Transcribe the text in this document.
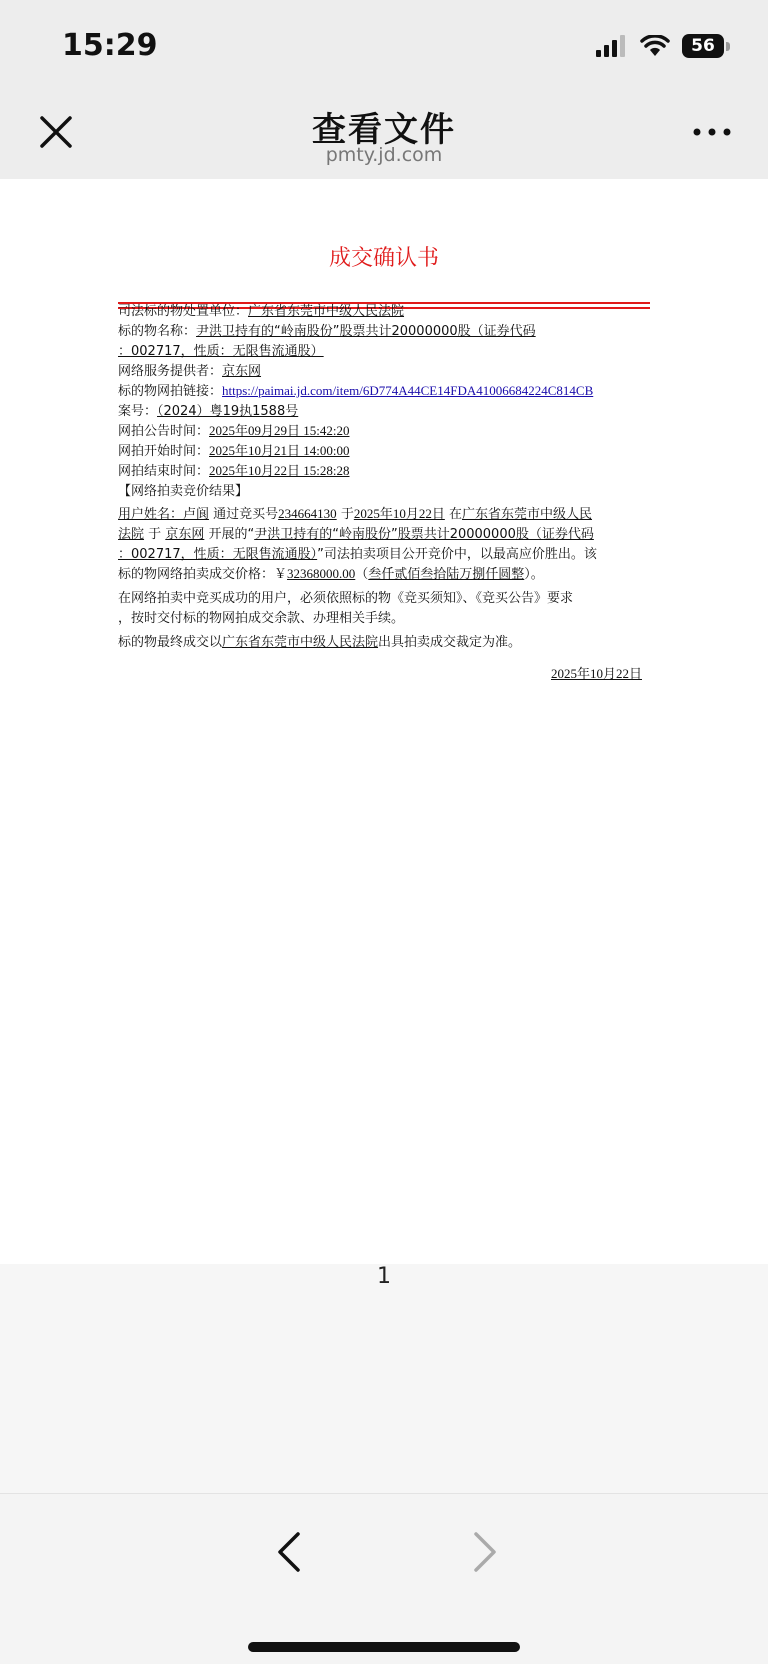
15:29	56
查看文件
pmty.jd.com
成交确认书
司法标的物处置单位：广东省东莞市中级人民法院
标的物名称：尹洪卫持有的“岭南股份”股票共计20000000股（证券代码
：002717，性质：无限售流通股）
网络服务提供者：京东网
标的物网拍链接：https://paimai.jd.com/item/6D774A44CE14FDA41006684224C814CB
案号：（2024）粤19执1588号
网拍公告时间：2025年09月29日 15:42:20
网拍开始时间：2025年10月21日 14:00:00
网拍结束时间：2025年10月22日 15:28:28
【网络拍卖竞价结果】
用户姓名：卢阆 通过竞买号234664130 于2025年10月22日 在广东省东莞市中级人民
法院 于 京东网 开展的“尹洪卫持有的“岭南股份”股票共计20000000股（证券代码
：002717，性质：无限售流通股）”司法拍卖项目公开竞价中，以最高应价胜出。该
标的物网络拍卖成交价格：￥32368000.00（叁仟贰佰叁拾陆万捌仟圆整）。
在网络拍卖中竞买成功的用户，必须依照标的物《竞买须知》、《竞买公告》要求
，按时交付标的物网拍成交余款、办理相关手续。
标的物最终成交以广东省东莞市中级人民法院出具拍卖成交裁定为准。
2025年10月22日
1
